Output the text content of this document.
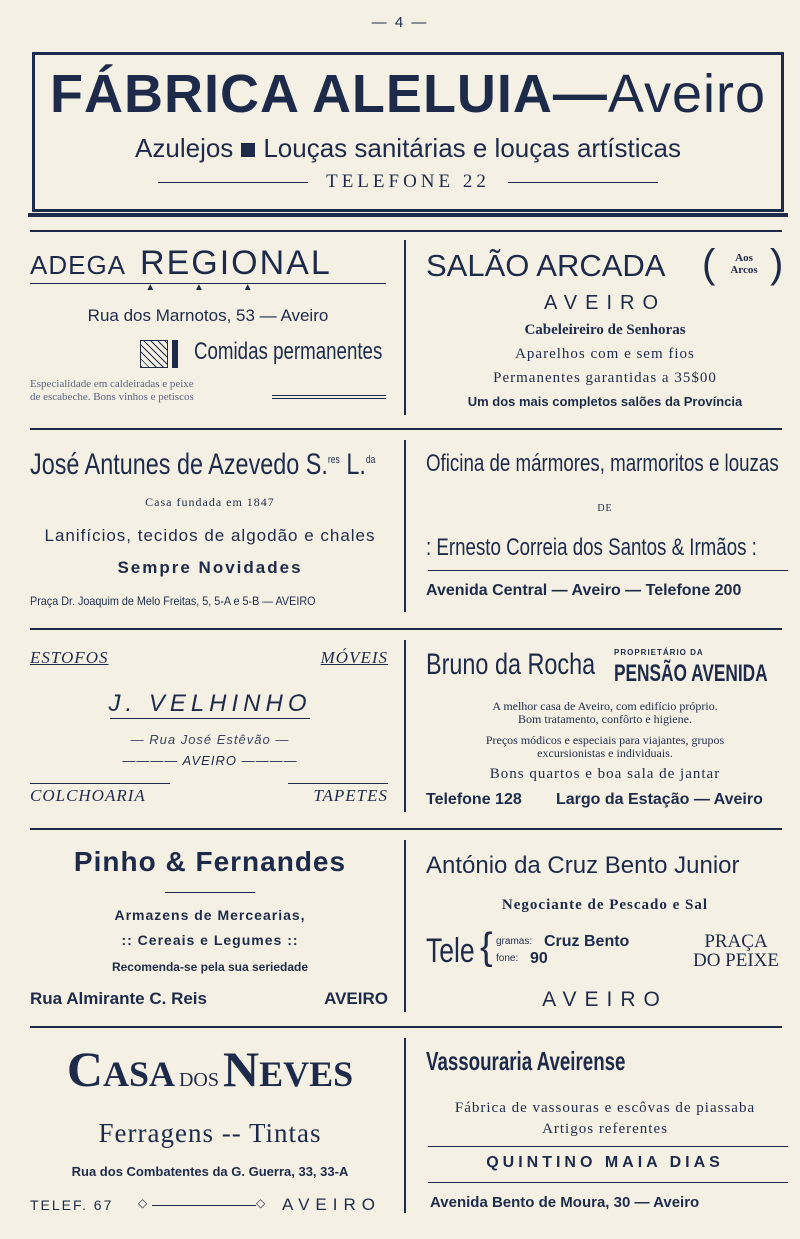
— 4 —
FÁBRICA ALELUIA—Aveiro
Azulejos Louças sanitárias e louças artísticas
TELEFONE 22
ADEGA REGIONAL
▲ ▲ ▲
Rua dos Marnotos, 53 — Aveiro
Comidas permanentes
Especialidade em caldeiradas e peixe
de escabeche. Bons vinhos e petiscos
SALÃO ARCADA (	Aos
Arcos )
AVEIRO
Cabeleireiro de Senhoras
Aparelhos com e sem fios
Permanentes garantidas a 35$00
Um dos mais completos salões da Província
José Antunes de Azevedo S.$^{res}$ L.$^{da}$
Casa fundada em 1847
Lanifícios, tecidos de algodão e chales
Sempre Novidades
Praça Dr. Joaquim de Melo Freitas, 5, 5-A e 5-B — AVEIRO
Oficina de mármores, marmoritos e louzas
DE
: Ernesto Correia dos Santos & Irmãos :
Avenida Central — Aveiro — Telefone 200
ESTOFOS	MÓVEIS
J. VELHINHO
— Rua José Estêvão —
———— AVEIRO ————
COLCHOARIA	TAPETES
Bruno da Rocha	PROPRIETÁRIO DA
PENSÃO AVENIDA
A melhor casa de Aveiro, com edifício próprio.
Bom tratamento, confôrto e higiene.
Preços módicos e especiais para viajantes, grupos
excursionistas e individuais.
Bons quartos e boa sala de jantar
Telefone 128 Largo da Estação — Aveiro
Pinho & Fernandes
Armazens de Mercearias,
:: Cereais e Legumes ::
Recomenda-se pela sua seriedade
Rua Almirante C. Reis	AVEIRO
António da Cruz Bento Junior
Negociante de Pescado e Sal
Tele { gramas: Cruz Bento
fone: 90
PRAÇA
DO PEIXE
AVEIRO
CASA DOS NEVES
Ferragens -- Tintas
Rua dos Combatentes da G. Guerra, 33, 33-A
TELEF. 67 ◇	◇ AVEIRO
Vassouraria Aveirense
Fábrica de vassouras e escôvas de piassaba
Artigos referentes
QUINTINO MAIA DIAS
Avenida Bento de Moura, 30 — Aveiro
